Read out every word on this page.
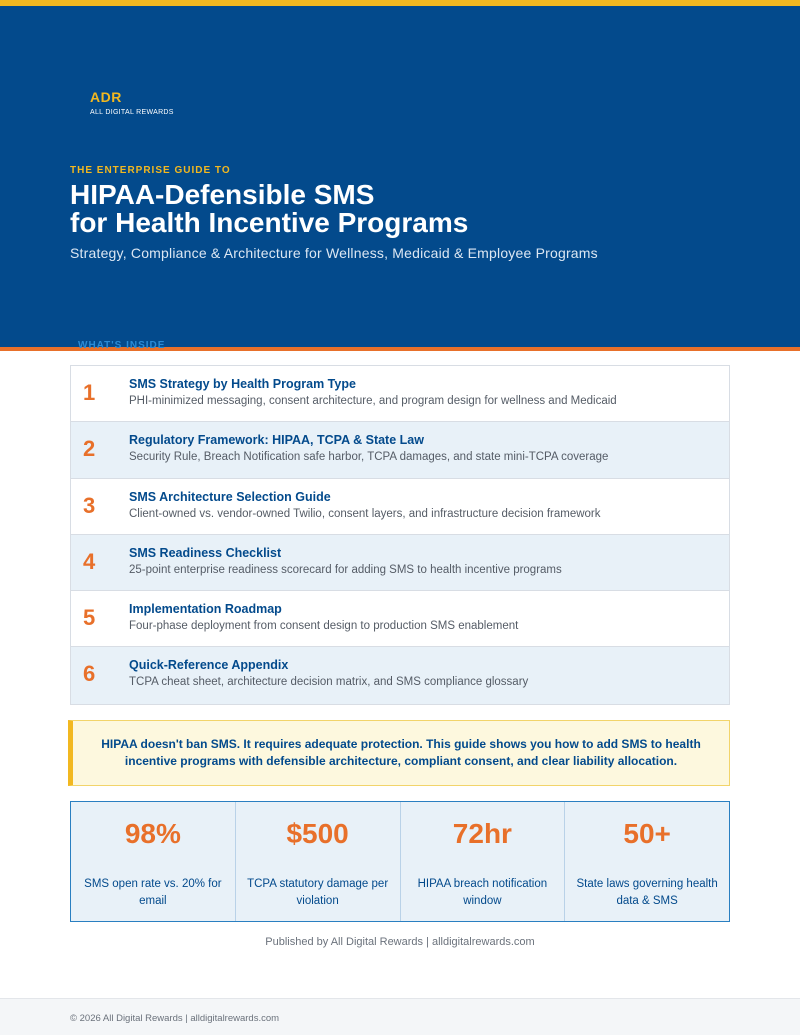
ADR
ALL DIGITAL REWARDS
THE ENTERPRISE GUIDE TO
HIPAA-Defensible SMS
for Health Incentive Programs
Strategy, Compliance & Architecture for Wellness, Medicaid & Employee Programs
WHAT'S INSIDE
1	SMS Strategy by Health Program Type
PHI-minimized messaging, consent architecture, and program design for wellness and Medicaid
2	Regulatory Framework: HIPAA, TCPA & State Law
Security Rule, Breach Notification safe harbor, TCPA damages, and state mini-TCPA coverage
3	SMS Architecture Selection Guide
Client-owned vs. vendor-owned Twilio, consent layers, and infrastructure decision framework
4	SMS Readiness Checklist
25-point enterprise readiness scorecard for adding SMS to health incentive programs
5	Implementation Roadmap
Four-phase deployment from consent design to production SMS enablement
6	Quick-Reference Appendix
TCPA cheat sheet, architecture decision matrix, and SMS compliance glossary

HIPAA doesn't ban SMS. It requires adequate protection. This guide shows you how to add SMS to health incentive programs with defensible architecture, compliant consent, and clear liability allocation.

98%
SMS open rate vs. 20% for email
$500
TCPA statutory damage per violation
72hr
HIPAA breach notification window
50+
State laws governing health data & SMS
Published by All Digital Rewards | alldigitalrewards.com
© 2026 All Digital Rewards | alldigitalrewards.com
